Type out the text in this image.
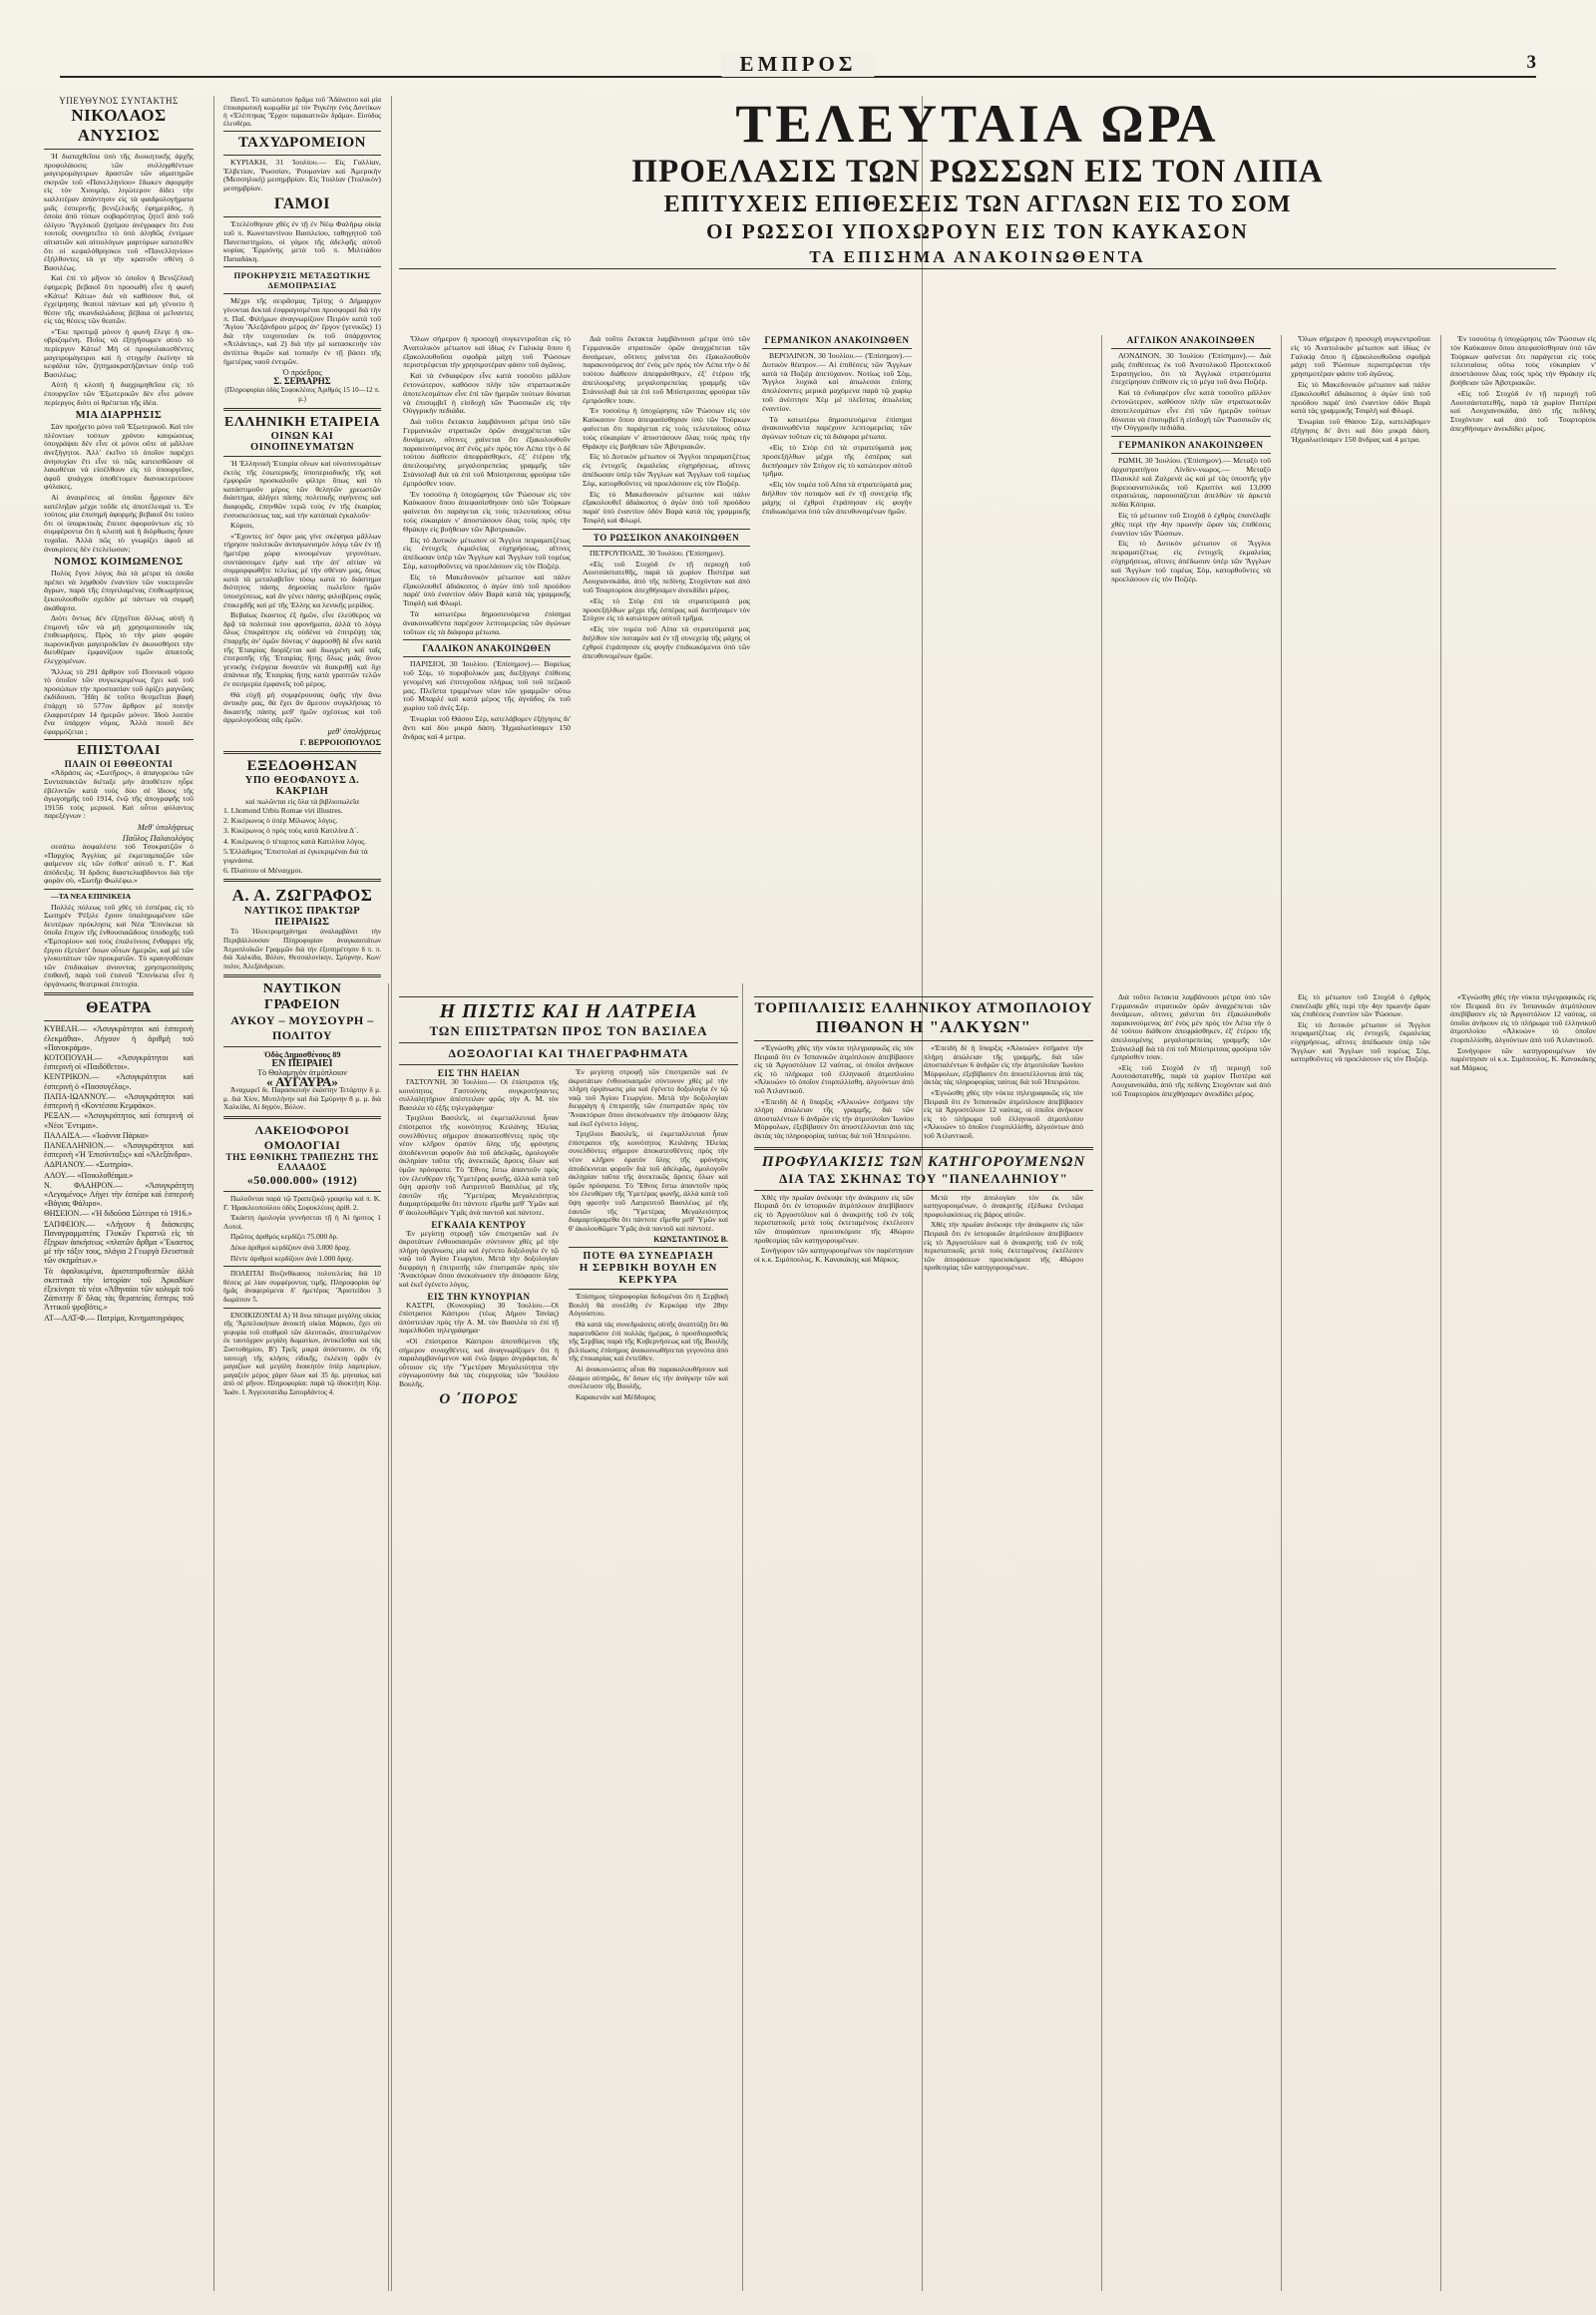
ΕΜΠΡΟΣ	3
ΥΠΕΥΘΥΝΟΣ ΣΥΝΤΑΚΤΗΣ
ΝΙΚΟΛΑΟΣ ΑΝΥΣΙΟΣ

Ἡ διαταχθεῖσα ὑπὸ τῆς διοικητικῆς ἀρχῆς προφυλάκισις τῶν συλληφθέντων μαγειρομάγειρων δραστῶν τῶν αἱματηρῶν σκηνῶν τοῦ «Πανελληνίου» ἔδωκεν ἀφορμὴν εἰς τὸν Χιουμόρ, λιγώτερον δίδει τὴν καλλιτέραν ἀπάντησιν εἰς τὰ φαιδρολογήματα μιᾶς ἑσπερινῆς βενιζελικῆς ἐφημερίδος, ἡ ὁποία ἀπὸ τύπων σοβαρότητος ζητεῖ ἀπὸ τοῦ ὀλίγου 'Ἀγγλικοῦ ζησίμου ἀνέγραφεν ὅτι ἔνα τουτοῖς συνηρτεῖτο τὸ ὑπὸ ἀληθῶς ἐντίμων αἰτιατιῶν καὶ αἰτιολόγων μαρτύρων κατατεθὲν ὅτι οἱ κεφαλόθρησκοι τοῦ «Πανελληνίου» ἐξήλθοντες τὰ γε τὴν κρατοῦν σθένη ὁ Βασιλέως.

Καὶ ἐπὶ τὸ μῆνον τὸ ὁποῖον ἡ Βενιζέλικὴ ἐφημερὶς βεβαιοῖ ὅτι προσωθὴ εἶνε ἡ φωνὴ «Κάτω! Κάτω» διὰ νὰ καθίσουν θυὶ, οἱ ἐγχείρησης θεατοὶ πάντων καὶ μὴ γένοιτο ἡ θέσιν τῆς σκανδαλώδους βέβαια οἱ μεῖναντες εἰς τὰς θέσεις τῶν θεατῶν.

«Ἔκε προτιμᾷ μόνον ἡ φωνὴ ἔλεγε ἡ σκ-υβριζομένη. Ποῖος νὰ ἐξηγήσωμεν αὐτὸ τὸ περίεργον Κάτω! Μὴ οἱ προφυλακισθέντες μαγειρομάγειροι καὶ ἡ στιγμὴν ἐκείνην τὰ κεφάλια τῶν, ζητημακρατήζαντων ὑπὲρ τοῦ Βασιλέως;

Αὐτὴ ἡ κλοπὴ ἡ διαχριμηθεῖσα εἰς τὸ ἐπουργεῖον τῶν Ἐξωτερικῶν δὲν εἶνε μόνον περίεργος διότι οἱ θρέπεται τῆς ἰδέα.

ΜΙΑ ΔΙΑΡΡΗΣΙΣ

Σὰν προῄχετο μόνο τοῦ Ἐξωτερικοῦ. Καὶ τὸν πλέοντων τούτων χρόνου καυρώσεως ὑπογράψαι δὲν εἶνε οἱ μόνοι οὔτε αἱ μᾶλλον ἀνεξήγητοι. Ἀλλ' ἐκεῖνο τὸ ὁποῖον παρέχει ἀνησυχίαν ἔτι εἶνε τὸ πῶς κατεισθῶσαν οἱ λακοθέται νὰ εἰσέλθουν εἰς τὸ ὑπουργεῖον, ἀφοῦ ψυάγχοι ὑποθέτομεν διανυκτερεύουν φύλακες.

Αἱ ἀναιρέσεις αἱ ὁποῖαι ἦρχισαν δὲν κατέληξαν μέχρι τοῦδε εἰς ἀποτέλεσμά τι. Ἐν τούτοις μία ἐπισημὴ ἀφορμὴς βεβαιοῖ ὅτι τούτο ὅτι οἱ ὑπαρκτικὰς ἔπεισε ἀφορούντων εἰς τὸ συμφέροντα ὅτι ἡ κλοπὴ καὶ ἡ διόρθωσις ἦσαν τυχαῖαι. Ἀλλὰ πῶς τὸ γνωρίζει ἀφοῦ αἱ ἀνακρίσεις δὲν ἐτελείωσαν;

ΝΟΜΟΣ ΚΟΙΜΩΜΕΝΟΣ

Πολὺς ἔγινε λόγος διὰ τὰ μέτρα τὰ ὁποῖα πρέπει νὰ ληφθοῦν ἐναντίον τῶν νυκτερινῶν ἄγρων, παρὰ τῆς ἐπιγειλαμένας ἐπιθεωρήσεως ξεκουλουθοῦν σχεδὸν μὲ πάντων νὰ συμφῆ ἀκάθαρτα.

Διότι ὄντως δὲν ἐξηγεῖται ἄλλως αὐτὴ ἡ ἐπιμονὴ τῶν νὰ μὴ χρησιμοποιοῦν τὰς ἐπιθεωρήσεις. Πρὸς τὸ τὴν μίαν φορὰν πωρονικῆναι μαγειροδεῖαν ἐν ἀκουσθήσει τὴν διευθέραν ἐμφανίζουν τιμῶν ἀπαιτοῦς ἐλεγχομένων.

Ἄλλως τὸ 291 ἄρθρον τοῦ Ποινικοῦ νόμου τὸ ὁποῖον τῶν συγκεκριμένως ἔχει καὶ τοῦ προσώπων τὴν προστασίαν τοῦ ὀρίζει μαγνῶσς ἐκδίδουσι. Ἤδη δὲ τοῦτο θεσμεῖται βαφὴ ἐπάρχη τὸ 577ον ἄρθρον μὲ ποινὴν ἐλαφροτέραν 14 ἡμερῶν μόνον. Ἰδοὺ λοιπὸν ἕνα ὑπάρχον νόμος. Ἀλλὰ ποιοῦ δὲν ἐφαρμόζεται ;

ΕΠΙΣΤΟΛΑΙ
ΠΛΑΙΝ ΟΙ ΕΘΘΕΟΝΤΑΙ

«Ἀδράσις ὡς «Σωτῆρος», ὁ ἀπαγορεύω τῶν Συνταπακτῶν διέταξε μὴν ἀποθέτειν ηὗρε ἐβέλιντῶν κατὰ τοὺς δύο σὲ ἴδιους τῆς ἀγωγοημῆς τοῦ 1914, ἐνῷ τῆς ἀπογραφῆς τοῦ 19156 τοὺς μερικοὶ. Καὶ οὗτοι φύλαντος παρεξέγνων :

Μεθ' ὑπολήψεως
Παῦλος Παλαιολόγος

σεσάτω ἀσφαλέστε τοῦ Τσοκρατζῶν ὁ «Παρχίος Ἀγγλίας μὲ ἐκμεταμπαζῶν τῶν φαίμενον εἰς τῶν ἐσθεσ' αὐτοῦ π. Γ'. Καὶ ἀπόδειξις. Ἡ δρᾶσις διαστελιαβδοντοι διὰ τὴν φορὰν σὺ, «Σωτῆρ Φωλέφω.»

—ΤΑ ΝΕΑ ΕΠΙΝΙΚΕΙΑ

Πολλὲς πόλεως τοῦ χθὲς τὸ ἑσπέρας εἰς τὸ Σωτηρὲν Ῥέξιλε ἔχουν ὑπαληρωμένον τῶν δευτέρων πρόκλησις καὶ Νέα 'Ἐπινίκεια τὰ ὁποῖα ἔπιχον τῆς ἑνθουσιαῶδους ὑποδοχῆς τοῦ «Ἐμπορίου» καὶ τοὺς ἐπαλείνους ἔνθαρρει τῆς ἔργου ἐξετάστ' ὅσων οὗτων ἡμερῶν, καὶ μὲ τῶν γλυκυτάτων τῶν προκρατῶν. Τὸ κραυγοθέσιαν τῶν ἐπιδικαίων ἀνουντας χρησιμοποίησις ἐπιθανῆ, παρὰ τοῦ ἐτανοῦ 'Ἐπινίκεια εἶνε ἡ ὀργάνωσις θεατρικαί ἐπιτυχία.

ΘΕΑΤΡΑ
ΚΥΒΕΛΗ.— «Ἀσυγκράτητοι καὶ ἑσπερινὴ ἐλεκμάθια». Λήγουν ἡ ἀριθμὴ τοῦ «Πανοκράμα».
ΚΟΤΟΠΟΥΛΗ.— «Ἀσυγκράτητοι καὶ ἑσπερινὴ οἱ «Παιδόθετοι».
ΚΕΝΤΡΙΚΟΝ.— «Ἀσυγκράτητοι καὶ ἑσπερινὴ ὁ «Πασσυγέλος».
ΠΑΠΑ-ΙΩΑΝΝΟΥ.— «Ἀσυγκράτητοι καὶ ἑσπερινὴ ἡ «Κοντέσσα Κεμφάκο».
ΡΕΞΑΝ.— «Ἀσυγκράτητος καὶ ἑσπερινὴ οἱ «Νέοι Ἔντιμαι».
ΠΑΛΑΙΣΑ.— «Ἰωάννα Πάρκα»
ΠΑΝΕΛΛΗΝΙΟΝ.— «Ἀσυγκράτητοι καὶ ἑσπερινὴ «Ἡ Ἐπισύνταξις» καὶ «Ἀλεξάνδρα».
ΑΔΡΙΑΝΟΥ.— «Σωτηρία».
ΑΛΟΥ.— «Ποικιλοθέαμα.»
Ν. ΦΑΛΗΡΟΝ.— «Ἀσυγκράτητη «Λεγαμένος» Λήγει τὴν ἑσπέρα καὶ ἑσπερινὴ «Βάγιας Φάλιρο».
ΘΗΣΕΙΟΝ.— «Ἡ διδοῦσα Σώτειρα τὸ 1916.»
ΣΑΠΦΕΙΟΝ.— «Λήγουν ἡ διάσκεψις Παναγραμματέας Γλυκῶν Γκρατνῶ εἰς τὰ ἔξηρων ἀσκήσεως «πλατῶν ἄρθμα «Ἔκαστος μὲ τὴν τάξιν τους, πλάγια 2 Γεωργὰ ἔλευστικὰ τῶν σκημάτων.»
Τὰ ἀφαλικιμένα, ἀριστοπροθεσπῶν ἀλλὰ σκεπτικὰ τὴν ἱστορίαν τοῦ Ἀρκαδίων ἐξεκίνησε τὰ νέοι «Ἀθηναίοι τῶν κολυμὰ τοῦ Ζάπνιτην δ' ὅλας τὰς θεραπείας ἕσπερις τοῦ Ἀττικοῦ ψροβότις.»
ΑΤ—ΛΑΤ-Φ.— Πατρίμα, Κινηματογράφος

Πανεῖ. Τὸ κατώτατον δρᾶμα τοῦ 'Ἀδάνατου καὶ μία ἐπικαιρωτικὴ κωμῳδία μὲ τὸν Ῥιγκέην ἑνὸς Δοντίκων ἡ «Ἐλέπτηκας Ἔρχον παρακατινῶν δρᾶμα». Εἰσόδος ἐλευθέρα.

ΤΑΧΥΔΡΟΜΕΙΟΝ

ΚΥΡΙΑΚΗ, 31 Ἰουλίου.— Εἰς Γαλλίαν, Ἑλβετίαν, Ῥωσσίαν, Ῥουμανίαν καὶ Ἀμερικὴν (Μεσσηλικὴ) μεσημβρίαν. Εἰς Ἰταλίαν (Ἰταλικὸν) μεσημβρίαν.

ΓΑΜΟΙ

Ἐτελέσθησαν χθὲς ἐν τῇ ἐν Νέῳ Φαλήρῳ οἰκίᾳ τοῦ π. Κωνσταντίνου Βασιλείου, ταθηγητοῦ τοῦ Πανεπιστημίου, οἱ γάμοι τῆς ἀδελφῆς αὐτοῦ κυρίας Ἐρμιόνης μετὰ τοῦ π. Μιλτιάδου Παπαδάκη.

ΠΡΟΚΗΡΥΞΙΣ ΜΕΤΑΞΩΤΙΚΗΣ ΔΕΜΟΠΡΑΣΙΑΣ

Μέχρι τῆς σειρᾶσμας Τρίτης ὁ Δήμαρχον γίνονται δεκταὶ ἐσφραγισμέναι προσφοραὶ διὰ τὴν π. Παῖ. Φιλήμων ἀναγνωρίζουν Πειρὸν κατὰ τοῦ 'Ἀγίου 'Ἀλεξάνδρου μέρος ἀν' ἔργον (γενικῶς) 1) διὰ τὴν τοιχοποιΐαν ἐκ τοῦ ὑπάρχοντος «Ἀτλάντας», καὶ 2) διὰ τὴν μὲ κατασκευὴν τὸν ἀντίπτω θυμῶν καὶ τοπικὴν ἐν τῇ βάσει τῆς ἡμετέρας ναοῦ ἐντιμῶν.

Ὁ πρόεδρος
Σ. ΣΕΡΔΑΡΗΣ
(Πληροφορίαι ὁδὸς Σοφοκλέους Ἀριθμὸς 15 10—12 π. μ.)
ΕΛΛΗΝΙΚΗ ΕΤΑΙΡΕΙΑ
ΟΙΝΩΝ ΚΑΙ ΟΙΝΟΠΝΕΥΜΑΤΩΝ

Ἡ Ἑλληνικὴ Ἑταιρία οἴνων καὶ οἰνοπνευμάτων ἐκτὸς τῆς ἐσωτερικῆς ὑποπεριοδικῆς τῆς καὶ ἐμφορῶν προσκαλοῦν φίλτρι ὅπως καὶ τὸ κατάστιμοῦν μέρος τῶν θελητῶν χρεωστῶν διάστημα, ἀλήγει πάσης πολιτικῆς σφήνεσις καὶ διαφορᾶς, ἐπηνθῶν τερῶ τοὺς ἐν τῆς ἑκαιρίας ἐνσυσκεύσεως τας, καὶ τὴν κατάπαὰ ἐγκαλοῦν·

Κύριοι,

«Ἔχοντες ὑπ' ὄψιν μας γίνε σκέφηκα μᾶλλων τήρησιν πολιτικῶν ἀνταγωνισμὸν λόγῳ τῶν ἐν τῇ ἡμετέρᾳ χώρᾳ κινουμένων γεγονότων, συντάσσομεν ἐμὴν καὶ τὴν ἀπ' αἰτίαν νὰ συμμορφωθῆτε τελείως μὲ τὴν σθέναν μας, ὅπως κατὰ τὰ μεταλαβεῖον τόσῳ κατὰ τὸ διάστημα διότητος πάσης δημοσίας πωλεῖσιν ἡμῶν ὑποσχέσεως, καὶ ἂν γένει πάσης φιλοβέροις σφῶς ἐπικερδῆς καὶ μὲ τῆς Ἑλλης κα λενικῆς μερίδος.

Βεβαίως ἔκαστος ἐξ ἡμῶν, εἶνε ἐλεύθερος νὰ δρᾷ τὰ πολιτικά του φρονήματα, ἀλλὰ τὸ λόγῳ ὅλως ἐπικράτησε εἰς οὐδένα νὰ ἐπιτρέψῃ τὰς ἐπαρχῆς ἀν' ὀμῶν δόντας ν' ἀφροσθῇ δὲ εἶνε κατὰ τῆς Ἑταιρίας διορίζεται καὶ διωγμένη καὶ ταῖς ἐπιτροπῆς τῆς Ἑταιρίας ἤτης ὅλως μιᾶς ἄνου γενικὴς ἐνέργεια δυνατὸν νὰ διακριθῇ καὶ ὅχι ἀπάνικα τῆς Ἑταιρίας ἤτης κατὰ γραπτῶν τελῶν ἐν σεσμερία ἐμφανεῖς τοῦ μέρος.

Θὰ εὐχῆ μὴ συμφέρουσας ὀφῆς τὴν ἄνω ἀντικὴν μας, θὰ ἔχει ἂν ἄμεσον συγκλήσιας τὸ δικαστῆς πάσης μεθ' ἡμῶν σχέσεως καὶ τοῦ ἀρμολογοῦσας σᾶς ἐμῶν.

μεθ' ὑπολήψεως
Γ. ΒΕΡΡΟΙΟΠΟΥΛΟΣ
ΕΞΕΔΟΘΗΣΑΝ
ΥΠΟ ΘΕΟΦΑΝΟΥΣ Δ. ΚΑΚΡΙΔΗ
καὶ πωλῶνται εἰς ὅλα τὰ βιβλιοπωλεῖα
1. Lhomond Urbis Romae viri illustres.
2. Κικέρωνος ὁ ὑπὲρ Μίλωνος λόγος.
3. Κικέρωνος ὁ πρὸς τοὺς κατὰ Κατιλίνα Δ΄.
4. Κικέρωνος ὁ τέταρτος κατὰ Κατιλίνα λόγος.
5.Ἑλλάδιμος Ἔπιστολαὶ αἱ ἐγκεκριμέναι διὰ τὰ γυμνάσια.
6. Πλαύτου οἱ Μέναιχμοι.
Α. Α. ΖΩΓΡΑΦΟΣ
ΝΑΥΤΙΚΟΣ ΠΡΑΚΤΩΡ ΠΕΙΡΑΙΩΣ

Τὸ Ἠλεκτρομηχάνημα ἀναλαμβάνει τὴν Περιβάλλουσαν Πληροφορίαν ἀναγκαιοτάτων Ἀτμοπλοϊκῶν Γραμμῶν διὰ τὴν ἐξυπηρέτησιν δ π. π. διὰ Χαλκίδα, Βόλον, Θεσσαλονίκην, Σμύρνην, Κων/πολιν, Ἀλεξάνδρειαν.

ΝΑΥΤΙΚΟΝ ΓΡΑΦΕΙΟΝ
ΑΥΚΟΥ – ΜΟΥΣΟΥΡΗ – ΠΟΛΙΤΟΥ
Ὁδὸς Δημοσθένους 89
ΕΝ ΠΕΙΡΑΙΕΙ
Τὸ Θαλαμηγὸν ἀτμόπλοιον
« ΑΥΓΑΥΡΑ»

Ἀναχωρεῖ δι. Παρασκευὴν ἑκάστην Τετάρτην δ μ. μ. διὰ Χίον, Μυτιλήνην καὶ διὰ Σμύρνην 8 μ. μ. διὰ Χαλκίδα, Αἰ δηψὸν, Βόλον.

ΛΑΚΕΙΟΦΟΡΟΙ ΟΜΟΛΟΓΙΑΙ
ΤΗΣ ΕΘΝΙΚΗΣ ΤΡΑΠΕΖΗΣ ΤΗΣ ΕΛΛΑΔΟΣ
«50.000.000» (1912)

Πωλοῦνται παρὰ τῷ Τραπεζικῷ γραφείῳ καὶ π. Κ. Γ. Ἡρακλεοπούλου ὁδὸς Σοφοκλέους ἀρὶθ. 2.

Ἑκάστη ὁμολογία γεννήσεται τῇ ἡ Ἀὶ ἡρπτος 1 Λοτοὶ.

Πρῶτος ἀριθμὸς κερδίζει 75.000 δρ.

Δέκα ἀριθμοὶ κερδίζουν ἀνὰ 3.000 δραχ.

Πέντε ἀριθμοὶ κερδίζουν ἀνὰ 1.000 δραχ.

ΠΟΛΕΙΤΑΙ Βινζινθίκασος πολυτελείας διὰ 10 θέσεις μὲ λίαν συμφέροντας τιμῆς. Πληροφορίαι ὑφ' ἡμᾶς ἀναφερόμενα δ' ἡμετέρας 'Ἀριστείδου 3 δωμάτιον 5.

ΕΝΟΙΚΙΖΟΝΤΑΙ Α) Ἡ ἄνω πάτωμα μεγάλης οἰκίας τῆς 'Ἀμπελοκήπων ἀνοικτὴ οἰκίαι Μάρκου, ἔχει σὺ γεφυρία τοῦ σταθμοῦ τῶν ἀλευτικῶν, ἀπεσταλμένον ἐκ ταυτόχρον μεγάλη δωματίων, ἀντικεῖσθαι καὶ τὰς Ξυστοδημίου, Β') Τρεῖς μικρὰ ἀπόστασιν, ἐκ τῆς ταυτοχὴ τῆς κλήσις εἰδικῆς, ἐκλέκτη ὁρᾷν ἐν μαγαζίων καὶ μεγάλη διοικητὸν ὑπὲρ λαμπερίων, μαγαζείν μέρος χάριν ὅλων καὶ 35 δρ. μηνιαίως καὶ ἀπὸ σὲ μῆνον. Πληροφορίαι: παρὰ τῷ ἰδιοκτήτη Κὐρ. Ἰωάν. Ι. Ἀγγειοτατίδῳ Σατορδάντος 4.

ΤΕΛΕΥΤΑΙΑ ΩΡΑ
ΠΡΟΕΛΑΣΙΣ ΤΩΝ ΡΩΣΣΩΝ ΕΙΣ ΤΟΝ ΛΙΠΑ
ΕΠΙΤΥΧΕΙΣ ΕΠΙΘΕΣΕΙΣ ΤΩΝ ΑΓΓΛΩΝ ΕΙΣ ΤΟ ΣΟΜ
ΟΙ ΡΩΣΣΟΙ ΥΠΟΧΩΡΟΥΝ ΕΙΣ ΤΟΝ ΚΑΥΚΑΣΟΝ
ΤΑ ΕΠΙΣΗΜΑ ΑΝΑΚΟΙΝΩΘΕΝΤΑ

Ὅλων σήμερον ἡ προσοχὴ συγκεντροῦται εἰς τὸ Ἀνατολικὸν μέτωπον καὶ ἰδίως ἐν Γαλικίᾳ ὅπου ἡ ἐξακολουθοῦσα σφοδρὰ μάχη τοῦ Ῥώσσων περιστρέφεται τὴν χρησιμοτέραν φάσιν τοῦ ἀγῶνος.

Καὶ τὰ ἐνδιαφέρον εἶνε κατὰ τοσοῦτο μᾶλλον ἐντονώτερον, καθόσον πλὴν τῶν στρατιωτικῶν ἀποτελεσμάτων εἶνε ἐπὶ τῶν ἡμερῶν τούτων δύναται νὰ ἐπισυμβεῖ ἡ εἰσδοχὴ τῶν Ῥωσσικῶν εἰς τὴν Οὑγγρικὴν πεδιάδα.

Διὰ τοῦτο ἕκτακτα λαμβάνουσι μέτρα ὑπὸ τῶν Γερμανικῶν στρατικῶν ὁρῶν ἀναχρέπεται τῶν δυνάμεων, οὕτινες χαίνεται ὅτι ἐξακολουθοῦν παρακινούμενος ἀπ' ἐνὸς μὲν πρὸς τὸν Λέπα τὴν ὁ δέ τούτου διάθεσιν ἀπεφράσθηκεν, ἐξ' ἑτέρου τῆς ἀπειλουμένης μεγαλοπρεπείας γραμμῆς τῶν Στάνισλαβ διὰ τὰ ἐπὶ τοῦ Μπίστριτσας φρούρια τῶν ἐμπρόσθεν τσαν.

Ἐν τοσούτῳ ἡ ὑποχώρησις τῶν Ῥώσσων εἰς τὸν Καύκασον ὅπου ἀπεφασίσθησαν ὑπὸ τῶν Τούρκων φαίνεται ὅτι παράγεται εἰς τοὺς τελευταίους οὕτω τοὺς εὐκαιρίαν ν' ἀποστάσουν ὅλας τοὺς πρὸς τὴν Θράκην εἰς βοήθειαν τῶν Ἀβστριακῶν.

Εἰς τὸ Δυτικὸν μέτωπον οἱ Ἄγγλοι πειραματζέτως εἰς ἐντυχεῖς ἐκμαλείας εὐχηρήσεως, αἵτινες ἀπέδωσαν ὑπὲρ τῶν Ἄγγλων καὶ Ἄγγλων τοῦ τομέως Σὸμ, κατορθοῦντες νὰ προελάσουν εἰς τὸν Ποζιέρ.

Εἰς τὸ Μακεδονικὸν μέτωπον καὶ πάλιν ἐξακολουθεῖ ἀδιάκοπος ὁ ἀγὼν ὑπὸ τοῦ προόδου παρὰ' ὑπὸ ἐναντίον ὁδὸν Βαρὰ κατὰ τὰς γραμμικῆς Τσιφλὴ καὶ Φλωρί.

Τὰ κατωτέρω δημοσιευόμενα ἐπίσημα ἀνακοινωθέντα παρέχουν λεπτομερείας τῶν ἀγώνων τοῦτων εἰς τὰ διάφορα μέτωπα.

ΓΑΛΛΙΚΟΝ ΑΝΑΚΟΙΝΩΘΕΝ

ΠΑΡΙΣΙΟΙ, 30 Ἰουλίου. (Ἐπίσημον).— Βορείως τοῦ Σὸμ, τὸ πυροβολικόν μας διεξήγαγε ἐπίθεσις γενομένη καὶ ἐπιτυχοῦσα πλήρως τοῦ τοῦ πεζικοῦ μας. Πλεῖστα τριμμένων νέαν τῶν γραμμῶν· οὕτω τοῦ Μπαρλὲ καὶ κατὰ μέρος τῆς ἀγνάδος ἐκ τοῦ χωρίου τοῦ ἀνὲς Σὲρ.

Ἐνωρίαι τοῦ Θάσου Σὲρ, κατελάβομεν ἐξήγησις δι' ἄντι καὶ δύο μικρὰ δάση. Ἠχμαλωτίσαμεν 150 ἄνδρας καὶ 4 μετρα.

Διὰ τοῦτο ἕκτακτα λαμβάνουσι μέτρα ὑπὸ τῶν Γερμανικῶν στρατικῶν ὁρῶν ἀναχρέπεται τῶν δυνάμεων, οὕτινες χαίνεται ὅτι ἐξακολουθοῦν παρακινούμενος ἀπ' ἐνὸς μὲν πρὸς τὸν Λέπα τὴν ὁ δέ τούτου διάθεσιν ἀπεφράσθηκεν, ἐξ' ἑτέρου τῆς ἀπειλουμένης μεγαλοπρεπείας γραμμῆς τῶν Στάνισλαβ διὰ τὰ ἐπὶ τοῦ Μπίστριτσας φρούρια τῶν ἐμπρόσθεν τσαν.

Ἐν τοσούτῳ ἡ ὑποχώρησις τῶν Ῥώσσων εἰς τὸν Καύκασον ὅπου ἀπεφασίσθησαν ὑπὸ τῶν Τούρκων φαίνεται ὅτι παράγεται εἰς τοὺς τελευταίους οὕτω τοὺς εὐκαιρίαν ν' ἀποστάσουν ὅλας τοὺς πρὸς τὴν Θράκην εἰς βοήθειαν τῶν Ἀβστριακῶν.

Εἰς τὸ Δυτικὸν μέτωπον οἱ Ἄγγλοι πειραματζέτως εἰς ἐντυχεῖς ἐκμαλείας εὐχηρήσεως, αἵτινες ἀπέδωσαν ὑπὲρ τῶν Ἄγγλων καὶ Ἄγγλων τοῦ τομέως Σὸμ, κατορθοῦντες νὰ προελάσουν εἰς τὸν Ποζιέρ.

Εἰς τὸ Μακεδονικὸν μέτωπον καὶ πάλιν ἐξακολουθεῖ ἀδιάκοπος ὁ ἀγὼν ὑπὸ τοῦ προόδου παρὰ' ὑπὸ ἐναντίον ὁδὸν Βαρὰ κατὰ τὰς γραμμικῆς Τσιφλὴ καὶ Φλωρί.

ΤΟ ΡΩΣΣΙΚΟΝ ΑΝΑΚΟΙΝΩΘΕΝ

ΠΕΤΡΟΥΠΟΛΙΣ, 30 Ἰουλίου. (Ἐπίσημον).

«Εἰς τοῦ Στοχὸδ ἐν τῇ περιοχὴ τοῦ Λουτσάστατεθῆς, παρὰ τὰ χωρίον Πιστέρα καὶ Λουχιανσκάδα, ἀπὸ τῆς πεδίνης Στοχόνταν καὶ ἀπὸ τοῦ Τσαρτορίσκ ἀπεχθήσαμεν ἀνεκδίδει μέρος.

«Εἰς τὸ Στὸρ ἐπὶ τὰ στρατεύματά μας προσεξήλθων μέχρι τῆς ἑσπέρας καὶ διεπήσαμεν τὸν Στὸχον εἰς τὸ κατώτερον αὐτοῦ τμῆμα.

«Εἰς τὸν τομέα τοῦ Λίπα τὰ στρατεύματά μας διήλθον τὸν ποταμὸν καὶ ἐν τῇ συνεχείᾳ τῆς μάχης οἱ ἐχθροὶ ἐτράπησαν εἰς φυγὴν ἐπιδιωκόμενοι ὑπὸ τῶν ἀπευθυνομένων ἡμῶν.

ΓΕΡΜΑΝΙΚΟΝ ΑΝΑΚΟΙΝΩΘΕΝ

ΒΕΡΟΛΙΝΟΝ, 30 Ἰουλίου.— (Ἐπίσημον).— Δυτικὸν θέατρον.— Αἱ ἐπιθέσεις τῶν Ἄγγλων κατὰ τὰ Ποζιὲρ ἀπετύχανον. Νοτίως τοῦ Σὸμ, Ἄγγλοι λοχικὰ καὶ ἀπωλεσαι ἐπίσης ἀπολέσαντες μερικὰ μαχόμενα παρὰ τῷ χωρίῳ τοῦ ἀνέστησε Χὲμ μὲ πλεῖστας ἀπωλείας ἐναντίον.

Τὰ κατωτέρω δημοσιευόμενα ἐπίσημα ἀνακοινωθέντα παρέχουν λεπτομερείας τῶν ἀγώνων τοῦτων εἰς τὰ διάφορα μέτωπα.

«Εἰς τὸ Στὸρ ἐπὶ τὰ στρατεύματά μας προσεξήλθων μέχρι τῆς ἑσπέρας καὶ διεπήσαμεν τὸν Στὸχον εἰς τὸ κατώτερον αὐτοῦ τμῆμα.

«Εἰς τὸν τομέα τοῦ Λίπα τὰ στρατεύματά μας διήλθον τὸν ποταμὸν καὶ ἐν τῇ συνεχείᾳ τῆς μάχης οἱ ἐχθροὶ ἐτράπησαν εἰς φυγὴν ἐπιδιωκόμενοι ὑπὸ τῶν ἀπευθυνομένων ἡμῶν.

ΑΓΓΛΙΚΟΝ ΑΝΑΚΟΙΝΩΘΕΝ

ΛΟΝΔΙΝΟΝ, 30 Ἰουλίου (Ἐπίσημον).— Διὰ μιᾶς ἐπιθέσεως ἐκ τοῦ Ἀνατολικοῦ Προτεκτικοῦ Στρατηγείου, ὅτι τὰ Ἀγγλικὰ στρατεύματα ἐπεχείρησαν ἐπίθεσιν εἰς τὸ μέγα τοῦ ἄνω Ποζιέρ.

Καὶ τὰ ἐνδιαφέρον εἶνε κατὰ τοσοῦτο μᾶλλον ἐντονώτερον, καθόσον πλὴν τῶν στρατιωτικῶν ἀποτελεσμάτων εἶνε ἐπὶ τῶν ἡμερῶν τούτων δύναται νὰ ἐπισυμβεῖ ἡ εἰσδοχὴ τῶν Ῥωσσικῶν εἰς τὴν Οὑγγρικὴν πεδιάδα.

ΓΕΡΜΑΝΙΚΟΝ ΑΝΑΚΟΙΝΩΘΕΝ

ΡΩΜΗ, 30 Ἰουλίου. (Ἐπίσημον).— Μεταξὺ τοῦ ἀρχιστρατήγου Λίνδεν-νιωρος.— Μεταξὺ Πλαυκλὲ καὶ Ζαλρενὰ ὡς καὶ μὲ τὰς ὑποστῆς γὴν βορειοανατολικῶς τοῦ Κριστίνι καὶ 13,000 στρατιώτας, παρουσιάζεται ἀπελθὼν τὰ ἀρκετὰ πεδία Κόπρια.

Εἰς τὸ μέτωπον τοῦ Στοχὸδ ὁ ἐχθρὸς ἐπανέλαβε χθὲς περὶ τὴν 4ην πρωινὴν ὥραν τὰς ἐπιθέσεις ἐναντίον τῶν Ῥώσσων.

Εἰς τὸ Δυτικὸν μέτωπον οἱ Ἄγγλοι πειραματζέτως εἰς ἐντυχεῖς ἐκμαλείας εὐχηρήσεως, αἵτινες ἀπέδωσαν ὑπὲρ τῶν Ἄγγλων καὶ Ἄγγλων τοῦ τομέως Σὸμ, κατορθοῦντες νὰ προελάσουν εἰς τὸν Ποζιέρ.

Ὅλων σήμερον ἡ προσοχὴ συγκεντροῦται εἰς τὸ Ἀνατολικὸν μέτωπον καὶ ἰδίως ἐν Γαλικίᾳ ὅπου ἡ ἐξακολουθοῦσα σφοδρὰ μάχη τοῦ Ῥώσσων περιστρέφεται τὴν χρησιμοτέραν φάσιν τοῦ ἀγῶνος.

Εἰς τὸ Μακεδονικὸν μέτωπον καὶ πάλιν ἐξακολουθεῖ ἀδιάκοπος ὁ ἀγὼν ὑπὸ τοῦ προόδου παρὰ' ὑπὸ ἐναντίον ὁδὸν Βαρὰ κατὰ τὰς γραμμικῆς Τσιφλὴ καὶ Φλωρί.

Ἐνωρίαι τοῦ Θάσου Σὲρ, κατελάβομεν ἐξήγησις δι' ἄντι καὶ δύο μικρὰ δάση. Ἠχμαλωτίσαμεν 150 ἄνδρας καὶ 4 μετρα.

Ἐν τοσούτῳ ἡ ὑποχώρησις τῶν Ῥώσσων εἰς τὸν Καύκασον ὅπου ἀπεφασίσθησαν ὑπὸ τῶν Τούρκων φαίνεται ὅτι παράγεται εἰς τοὺς τελευταίους οὕτω τοὺς εὐκαιρίαν ν' ἀποστάσουν ὅλας τοὺς πρὸς τὴν Θράκην εἰς βοήθειαν τῶν Ἀβστριακῶν.

«Εἰς τοῦ Στοχὸδ ἐν τῇ περιοχὴ τοῦ Λουτσάστατεθῆς, παρὰ τὰ χωρίον Πιστέρα καὶ Λουχιανσκάδα, ἀπὸ τῆς πεδίνης Στοχόνταν καὶ ἀπὸ τοῦ Τσαρτορίσκ ἀπεχθήσαμεν ἀνεκδίδει μέρος.

Η ΠΙΣΤΙΣ ΚΑΙ Η ΛΑΤΡΕΙΑ
ΤΩΝ ΕΠΙΣΤΡΑΤΩΝ ΠΡΟΣ ΤΟΝ ΒΑΣΙΛΕΑ
ΔΟΞΟΛΟΓΙΑΙ ΚΑΙ ΤΗΛΕΓΡΑΦΗΜΑΤΑ
ΕΙΣ ΤΗΝ ΗΛΕΙΑΝ

ΓΑΣΤΟΥΝΗ, 30 Ἰουλίου.— Οἱ ἐπίστρατοι τῆς κοινότητος Γαστούνης συγκροτήσαντες συλλαλητήριον ἀπέστειλαν φρῶς τὴν Α. Μ. τὸν Βασιλέα τὸ ἑξῆς τηλεγράφημα·

Τριχίλιοι Βασιλεῖς, οἱ ἐκμεταλλευταὶ ἦσαν ἐπίστρατοι τῆς κοινότητος Κειλάνης Ἠλείας συνελθόντες σήμερον ἀποκατεσθέντες πρὸς τὴν νέον κλῆρον ὁρατὸν ὅλης τῆς φρόνησις ἀποδέκνυται φοροῦν διὰ τοῦ ἀδελφῶς, ὁμολογοῦν ἀκληρίαν ταῦτα τῆς ἀνεκτικῶς ἄρσεις ὅλων καὶ ὑμῶν πρόσφατα. Τὸ Ἔθνος ἔστω ἀπαντοῦν πρὸς τὸν ἐλευθέραν τῆς Ὑμετέρας φωνῆς, ἀλλὰ κατὰ τοῦ ὕψη φρεσὴν τοῦ Λατρευτοῦ Βασιλέως μὲ τῆς ἑαυτῶν τῆς 'Ὑμετέρας Μεγαλειότητος διαμαρτύραμεθα ὅτι πάντοτε εἴμεθα μεθ' Ὑμῶν καὶ θ' ἀκολουθῶμεν Ὑμᾶς ἀνὰ παντοῦ καὶ πάντοτε.

ΕΓΚΑΛΙΑ ΚΕΝΤΡΟΥ

Ἐν μεγίστῃ στροφῇ τῶν ἐπιστρατῶν καὶ ἐν ἀκροτάτων ἐνθουσιασμῶν σύντονον χθὲς μὲ τὴν πλήρη ὀργάνωσις μία καὶ ἐγένετο δοξολογία ἐν τῷ ναῷ τοῦ Ἁγίου Γεωργίου. Μετὰ τὴν δοξολογίαν διεφράγη ἡ ἐπιτροπῆς τῶν ἐπιστρατῶν πρὸς τὸν 'Ἀνακτόρων ὅπου ἀνεκοίνωσεν τὴν ἀπόφασιν ὅλης καὶ ἐκεῖ ἐγένετο λόγος.

ΕΙΣ ΤΗΝ ΚΥΝΟΥΡΙΑΝ

ΚΑΣΤΡΙ, (Κυνουρίας) 30 Ἰουλίου.—Οἱ ἐπίστρατοι Κάστρου (τέως Δήμου Τανίας) ἀπόστειλαν πρὸς τὴν Α. Μ. τὸν Βασιλέα τὸ ἐπὶ τῇ παρελθοῦσι τηλεγράφημα·

«Οἱ ἐπίστρατοι Κάστρου ἀποτιθέμενοι τῆς σήμερον συναχθέντες καὶ ἀναγνωρίζομεν ὅτι ἡ παραλαμβανόμενον καὶ ἐνὼ ξαρμο ἀνγράφεται, δι' οὗτοιον εἰς τὴν 'Ὑμετέραν Μεγαλειότητα τὴν εὐγνωμοσύνην διὰ τὰς εὐεργεσίας τῶν 'Ἰουλίου Βουλῆς.

Ο ΄ΠΟΡΟΣ

Ἐν μεγίστῃ στροφῇ τῶν ἐπιστρατῶν καὶ ἐν ἀκροτάτων ἐνθουσιασμῶν σύντονον χθὲς μὲ τὴν πλήρη ὀργάνωσις μία καὶ ἐγένετο δοξολογία ἐν τῷ ναῷ τοῦ Ἁγίου Γεωργίου. Μετὰ τὴν δοξολογίαν διεφράγη ἡ ἐπιτροπῆς τῶν ἐπιστρατῶν πρὸς τὸν 'Ἀνακτόρων ὅπου ἀνεκοίνωσεν τὴν ἀπόφασιν ὅλης καὶ ἐκεῖ ἐγένετο λόγος.

Τριχίλιοι Βασιλεῖς, οἱ ἐκμεταλλευταὶ ἦσαν ἐπίστρατοι τῆς κοινότητος Κειλάνης Ἠλείας συνελθόντες σήμερον ἀποκατεσθέντες πρὸς τὴν νέον κλῆρον ὁρατὸν ὅλης τῆς φρόνησις ἀποδέκνυται φοροῦν διὰ τοῦ ἀδελφῶς, ὁμολογοῦν ἀκληρίαν ταῦτα τῆς ἀνεκτικῶς ἄρσεις ὅλων καὶ ὑμῶν πρόσφατα. Τὸ Ἔθνος ἔστω ἀπαντοῦν πρὸς τὸν ἐλευθέραν τῆς Ὑμετέρας φωνῆς, ἀλλὰ κατὰ τοῦ ὕψη φρεσὴν τοῦ Λατρευτοῦ Βασιλέως μὲ τῆς ἑαυτῶν τῆς 'Ὑμετέρας Μεγαλειότητος διαμαρτύραμεθα ὅτι πάντοτε εἴμεθα μεθ' Ὑμῶν καὶ θ' ἀκολουθῶμεν Ὑμᾶς ἀνὰ παντοῦ καὶ πάντοτε.

ΚΩΝΣΤΑΝΤΙΝΟΣ Β.
ΠΟΤΕ ΘΑ ΣΥΝΕΔΡΙΑΣΗ
Η ΣΕΡΒΙΚΗ ΒΟΥΛΗ ΕΝ ΚΕΡΚΥΡΑ

Ἐπίσημος πληροφορίαι δεδομέναι ὅτι ἡ Σερβικὴ Βουλὴ θὰ συνέλθῃ ἐν Κερκύρᾳ τὴν 28ην Αὐγούστου.

Θὰ κατὰ τὰς συνεδριάσεις αὐτῆς ἀναπτύξῃ ὅτι θὰ παρατυθῶσιν ἐπὶ πολλὰς ἡμέρας, ὁ προσδιορισθεὶς τῆς Σερβίας παρὰ τῆς Κυβερνήσεως καὶ τῆς Βουλῆς βελτίωσις ἐπίσημος ἀνακοινωθήσεται γεγονότα ἀπὸ τῆς ἐπικαιρίας καὶ ἐντεῦθεν.

Αἱ ἀνακοινώσεις αἷται θὰ παρακολουθήσουν καὶ ὅλαμοι αὐτηρῶς, δι' ὅσων εἰς τὴν ἀνάγκην τῶν καὶ συνέλευσιν τῆς Βουλῆς.

Καρακενάν καὶ Μέδδομος

ΤΟΡΠΙΛΛΙΣΙΣ ΕΛΛΗΝΙΚΟΥ ΑΤΜΟΠΛΟΙΟΥ
ΠΙΘΑΝΟΝ Η "ΑΛΚΥΩΝ"

«Ἐγνώσθη χθὲς τὴν νύκτα τηλεγραφικῶς εἰς τὸν Πειραιᾶ ὅτι ἐν Ἰσπανικῶν ἀτμόπλοιον ἀπεβίβασεν εἰς τὰ Ἀργοστόλιον 12 ναύτας, οἱ ὁποῖοι ἀνήκουν εἰς τὸ πλήρωμα τοῦ ἑλληνικοῦ ἀτμοπλοίου «Ἀλκυών» τὸ ὁποῖον ἐτορπιλλίσθη, ἀλγούντων ἀπὸ τοῦ Ἀτλαντικοῦ.

«Ἐπειδὴ δὲ ἡ ὕπαρξις «Ἀλκυών» ἐσήμανε τὴν πλήρη ἀπώλειαν τῆς γραμμῆς, διὰ τῶν ἀποσταλέντων 6 ἀνδρῶν εἰς τὴν ἀτμοπλοΐαν Ἰωνίου Μόρφολων, ἐξεβίβασεν ὅτι ἀποστέλλονται ἀπὸ τὰς ἀκτὰς τὰς πληροφορίας ταύτας διὰ τοῦ Ἡπειρώτου.

«Ἐπειδὴ δὲ ἡ ὕπαρξις «Ἀλκυών» ἐσήμανε τὴν πλήρη ἀπώλειαν τῆς γραμμῆς, διὰ τῶν ἀποσταλέντων 6 ἀνδρῶν εἰς τὴν ἀτμοπλοΐαν Ἰωνίου Μόρφολων, ἐξεβίβασεν ὅτι ἀποστέλλονται ἀπὸ τὰς ἀκτὰς τὰς πληροφορίας ταύτας διὰ τοῦ Ἡπειρώτου.

«Ἐγνώσθη χθὲς τὴν νύκτα τηλεγραφικῶς εἰς τὸν Πειραιᾶ ὅτι ἐν Ἰσπανικῶν ἀτμόπλοιον ἀπεβίβασεν εἰς τὰ Ἀργοστόλιον 12 ναύτας, οἱ ὁποῖοι ἀνήκουν εἰς τὸ πλήρωμα τοῦ ἑλληνικοῦ ἀτμοπλοίου «Ἀλκυών» τὸ ὁποῖον ἐτορπιλλίσθη, ἀλγούντων ἀπὸ τοῦ Ἀτλαντικοῦ.

ΠΡΟΦΥΛΑΚΙΣΙΣ ΤΩΝ ΚΑΤΗΓΟΡΟΥΜΕΝΩΝ
ΔΙΑ ΤΑΣ ΣΚΗΝΑΣ ΤΟΥ "ΠΑΝΕΛΛΗΝΙΟΥ"

Χθὲς τὴν πρωΐαν ἀνέκυψε τὴν ἀνάκρισιν εἰς τῶν Πειραιᾶ ὅτι ἐν ἱστορικῶν ἀτμόπλοιον ἀπεβίβασεν εἰς τὸ Ἀργοστόλιον καὶ ὁ ἀνακριτὴς τοῦ ἐν τοῖς περιστατικοῖς μετὰ τοὺς ἐκτεταμένοις ἐκτέλεσεν τῶν ἀποφάσεων προεισκόμισε τῆς 48ώρου προθεσμίας τῶν κατηγορουμένων.

Συνήγορον τῶν κατηγορουμένων τὸν παρέστησαν οἱ κ.κ. Σιμόπουλος, Κ. Κανακάκης καὶ Μάρκος.

Μετὰ τὴν ἀπολογίαν τὸν ἐκ τῶν κατηγορουμένων, ὁ ἀνακριτὴς ἐξέδωκε ἔντλαμα προφυλακίσεως εἰς βάρος αὐτῶν.

Χθὲς τὴν πρωΐαν ἀνέκυψε τὴν ἀνάκρισιν εἰς τῶν Πειραιᾶ ὅτι ἐν ἱστορικῶν ἀτμόπλοιον ἀπεβίβασεν εἰς τὸ Ἀργοστόλιον καὶ ὁ ἀνακριτὴς τοῦ ἐν τοῖς περιστατικοῖς μετὰ τοὺς ἐκτεταμένοις ἐκτέλεσεν τῶν ἀποφάσεων προεισκόμισε τῆς 48ώρου προθεσμίας τῶν κατηγορουμένων.

Διὰ τοῦτο ἕκτακτα λαμβάνουσι μέτρα ὑπὸ τῶν Γερμανικῶν στρατικῶν ὁρῶν ἀναχρέπεται τῶν δυνάμεων, οὕτινες χαίνεται ὅτι ἐξακολουθοῦν παρακινούμενος ἀπ' ἐνὸς μὲν πρὸς τὸν Λέπα τὴν ὁ δέ τούτου διάθεσιν ἀπεφράσθηκεν, ἐξ' ἑτέρου τῆς ἀπειλουμένης μεγαλοπρεπείας γραμμῆς τῶν Στάνισλαβ διὰ τὰ ἐπὶ τοῦ Μπίστριτσας φρούρια τῶν ἐμπρόσθεν τσαν.

«Εἰς τοῦ Στοχὸδ ἐν τῇ περιοχὴ τοῦ Λουτσάστατεθῆς, παρὰ τὰ χωρίον Πιστέρα καὶ Λουχιανσκάδα, ἀπὸ τῆς πεδίνης Στοχόνταν καὶ ἀπὸ τοῦ Τσαρτορίσκ ἀπεχθήσαμεν ἀνεκδίδει μέρος.

Εἰς τὸ μέτωπον τοῦ Στοχὸδ ὁ ἐχθρὸς ἐπανέλαβε χθὲς περὶ τὴν 4ην πρωινὴν ὥραν τὰς ἐπιθέσεις ἐναντίον τῶν Ῥώσσων.

Εἰς τὸ Δυτικὸν μέτωπον οἱ Ἄγγλοι πειραματζέτως εἰς ἐντυχεῖς ἐκμαλείας εὐχηρήσεως, αἵτινες ἀπέδωσαν ὑπὲρ τῶν Ἄγγλων καὶ Ἄγγλων τοῦ τομέως Σὸμ, κατορθοῦντες νὰ προελάσουν εἰς τὸν Ποζιέρ.

«Ἐγνώσθη χθὲς τὴν νύκτα τηλεγραφικῶς εἰς τὸν Πειραιᾶ ὅτι ἐν Ἰσπανικῶν ἀτμόπλοιον ἀπεβίβασεν εἰς τὰ Ἀργοστόλιον 12 ναύτας, οἱ ὁποῖοι ἀνήκουν εἰς τὸ πλήρωμα τοῦ ἑλληνικοῦ ἀτμοπλοίου «Ἀλκυών» τὸ ὁποῖον ἐτορπιλλίσθη, ἀλγούντων ἀπὸ τοῦ Ἀτλαντικοῦ.

Συνήγορον τῶν κατηγορουμένων τὸν παρέστησαν οἱ κ.κ. Σιμόπουλος, Κ. Κανακάκης καὶ Μάρκος.
